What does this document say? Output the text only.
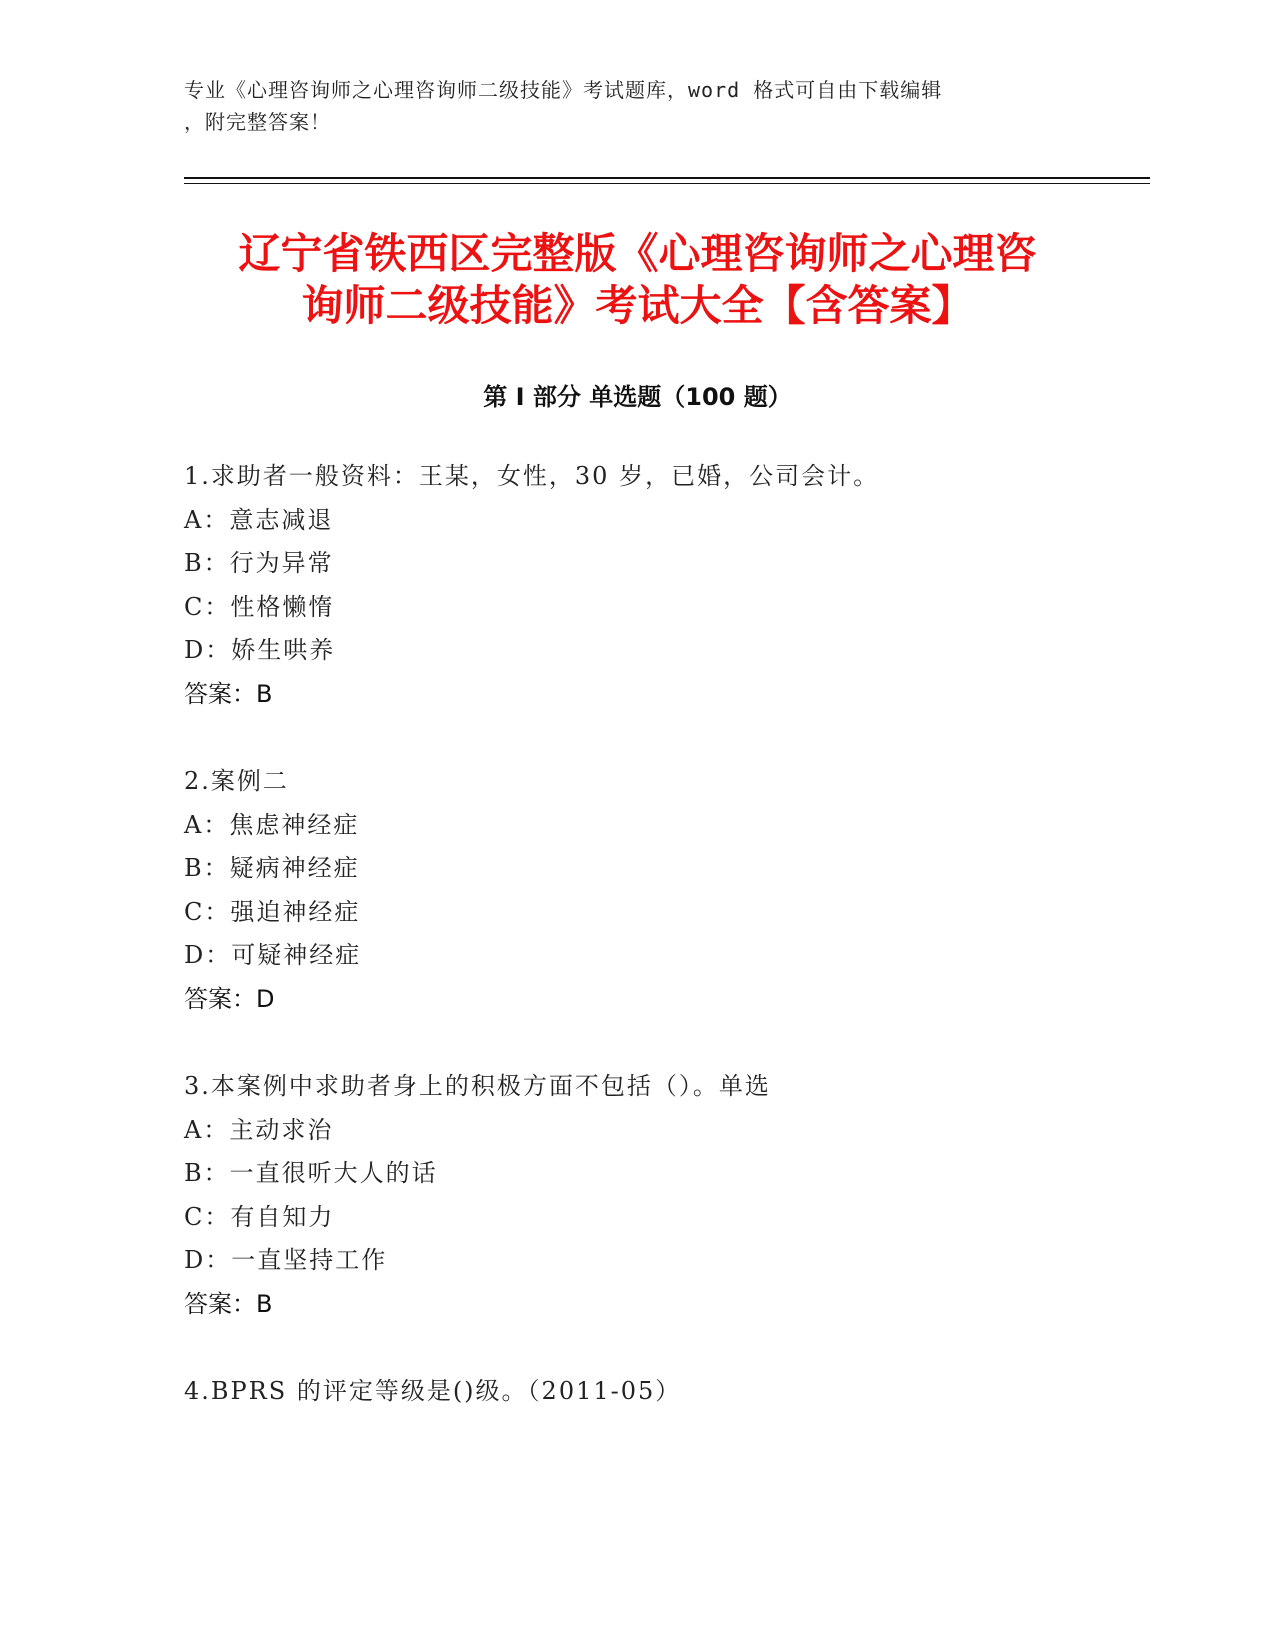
专业《心理咨询师之心理咨询师二级技能》考试题库，word 格式可自由下载编辑
，附完整答案！
辽宁省铁西区完整版《心理咨询师之心理咨
询师二级技能》考试大全【含答案】
第 I 部分 单选题（100 题）
1.求助者一般资料：王某，女性，30 岁，已婚，公司会计。
A：意志减退
B：行为异常
C：性格懒惰
D：娇生哄养
答案：B
2.案例二
A：焦虑神经症
B：疑病神经症
C：强迫神经症
D：可疑神经症
答案：D
3.本案例中求助者身上的积极方面不包括（）。单选
A：主动求治
B：一直很听大人的话
C：有自知力
D：一直坚持工作
答案：B
4.BPRS 的评定等级是()级。（2011-05）
